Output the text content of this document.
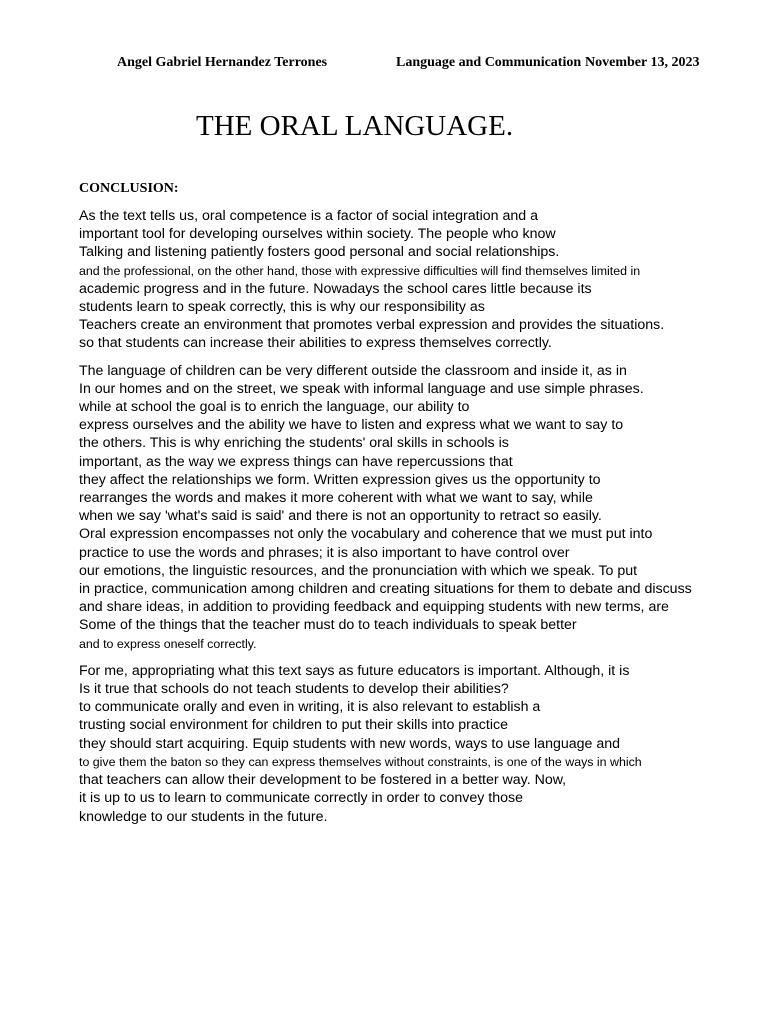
Angel Gabriel Hernandez Terrones	Language and Communication November 13, 2023
THE ORAL LANGUAGE.
CONCLUSION:

As the text tells us, oral competence is a factor of social integration and a
important tool for developing ourselves within society. The people who know
Talking and listening patiently fosters good personal and social relationships.
and the professional, on the other hand, those with expressive difficulties will find themselves limited in
academic progress and in the future. Nowadays the school cares little because its
students learn to speak correctly, this is why our responsibility as
Teachers create an environment that promotes verbal expression and provides the situations.
so that students can increase their abilities to express themselves correctly.

The language of children can be very different outside the classroom and inside it, as in
In our homes and on the street, we speak with informal language and use simple phrases.
while at school the goal is to enrich the language, our ability to
express ourselves and the ability we have to listen and express what we want to say to
the others. This is why enriching the students' oral skills in schools is
important, as the way we express things can have repercussions that
they affect the relationships we form. Written expression gives us the opportunity to
rearranges the words and makes it more coherent with what we want to say, while
when we say 'what's said is said' and there is not an opportunity to retract so easily.
Oral expression encompasses not only the vocabulary and coherence that we must put into
practice to use the words and phrases; it is also important to have control over
our emotions, the linguistic resources, and the pronunciation with which we speak. To put
in practice, communication among children and creating situations for them to debate and discuss
and share ideas, in addition to providing feedback and equipping students with new terms, are
Some of the things that the teacher must do to teach individuals to speak better
and to express oneself correctly.

For me, appropriating what this text says as future educators is important. Although, it is
Is it true that schools do not teach students to develop their abilities?
to communicate orally and even in writing, it is also relevant to establish a
trusting social environment for children to put their skills into practice
they should start acquiring. Equip students with new words, ways to use language and
to give them the baton so they can express themselves without constraints, is one of the ways in which
that teachers can allow their development to be fostered in a better way. Now,
it is up to us to learn to communicate correctly in order to convey those
knowledge to our students in the future.
